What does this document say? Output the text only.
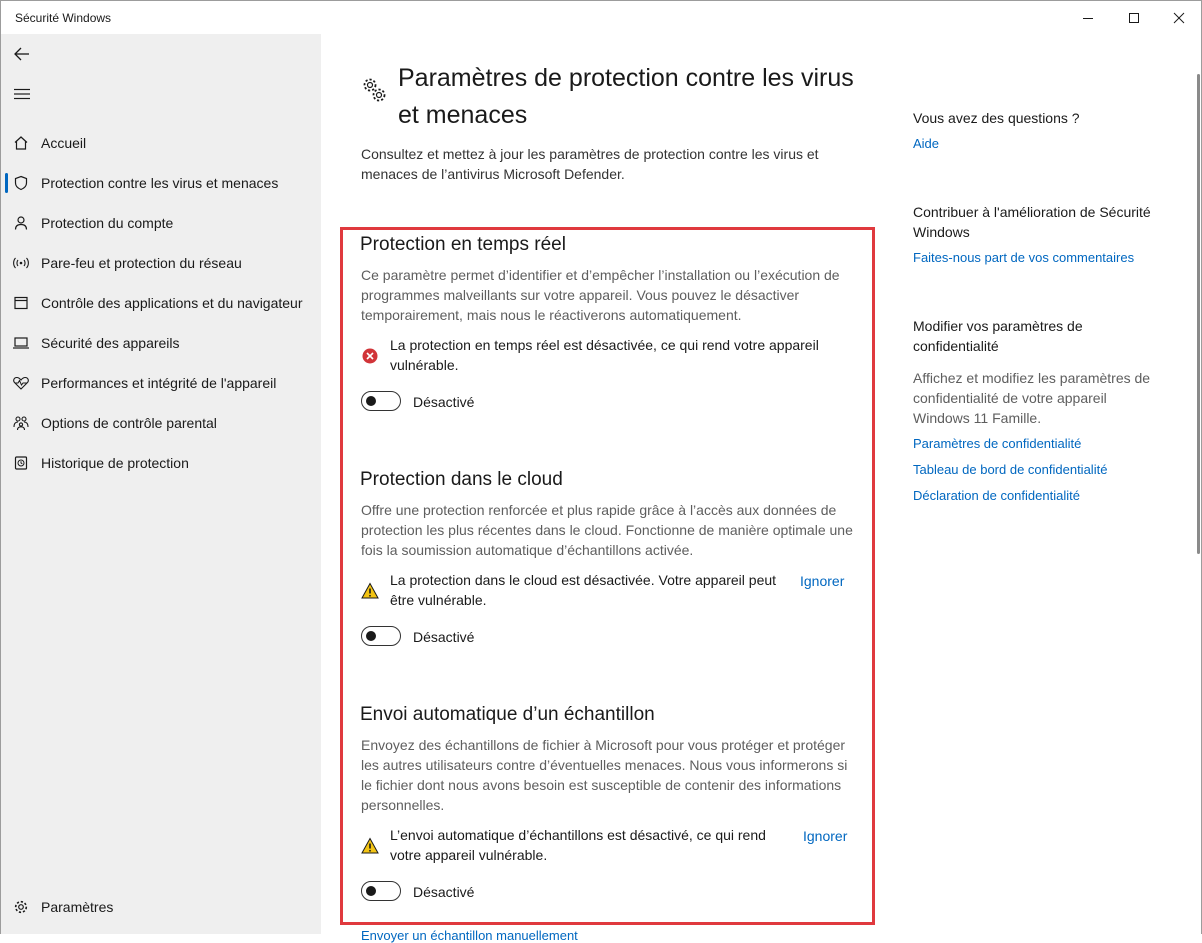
Sécurité Windows
Accueil
Protection contre les virus et menaces
Protection du compte
Pare-feu et protection du réseau
Contrôle des applications et du navigateur
Sécurité des appareils
Performances et intégrité de l'appareil
Options de contrôle parental
Historique de protection
Paramètres
Paramètres de protection contre les virus et menaces
Consultez et mettez à jour les paramètres de protection contre les virus et menaces de l’antivirus Microsoft Defender.
Protection en temps réel
Ce paramètre permet d’identifier et d’empêcher l’installation ou l’exécution de programmes malveillants sur votre appareil. Vous pouvez le désactiver temporairement, mais nous le réactiverons automatiquement.
La protection en temps réel est désactivée, ce qui rend votre appareil vulnérable.
Désactivé
Protection dans le cloud
Offre une protection renforcée et plus rapide grâce à l’accès aux données de protection les plus récentes dans le cloud. Fonctionne de manière optimale une fois la soumission automatique d’échantillons activée.
La protection dans le cloud est désactivée. Votre appareil peut être vulnérable.
Ignorer
Désactivé
Envoi automatique d’un échantillon
Envoyez des échantillons de fichier à Microsoft pour vous protéger et protéger les autres utilisateurs contre d’éventuelles menaces. Nous vous informerons si le fichier dont nous avons besoin est susceptible de contenir des informations personnelles.
L’envoi automatique d’échantillons est désactivé, ce qui rend votre appareil vulnérable.
Ignorer
Désactivé
Envoyer un échantillon manuellement
Vous avez des questions ?
Aide
Contribuer à l'amélioration de Sécurité Windows
Faites-nous part de vos commentaires
Modifier vos paramètres de confidentialité
Affichez et modifiez les paramètres de confidentialité de votre appareil Windows 11 Famille.
Paramètres de confidentialité
Tableau de bord de confidentialité
Déclaration de confidentialité
